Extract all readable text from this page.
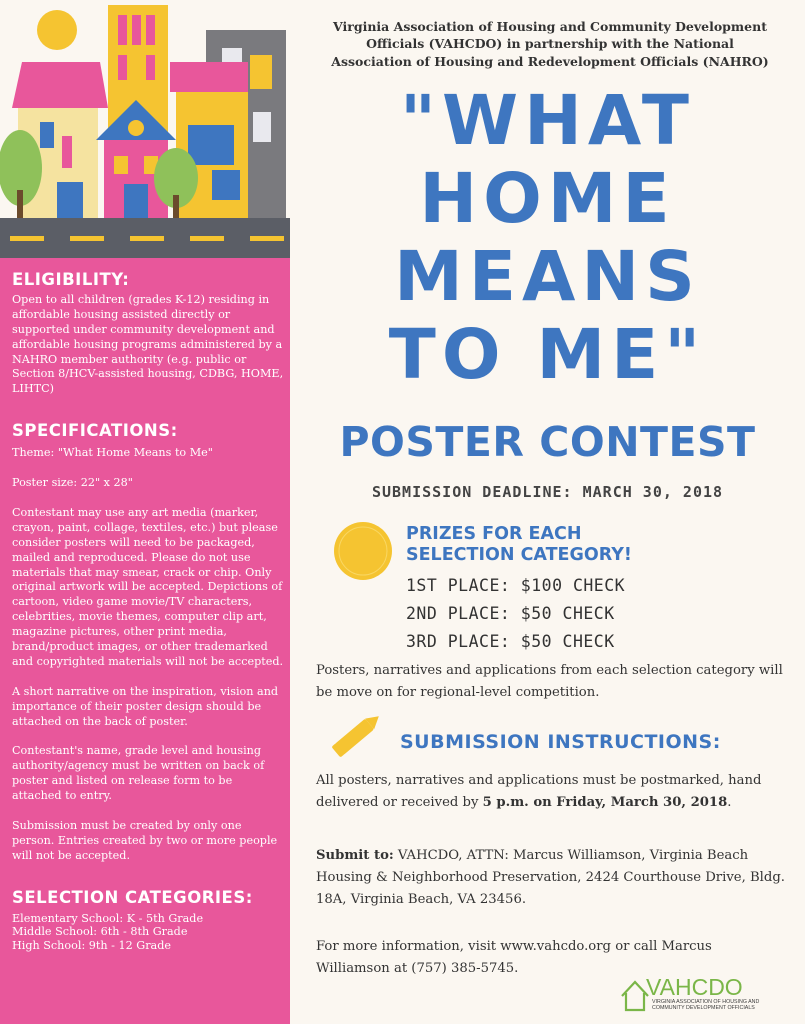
ELIGIBILITY:

Open to all children (grades K-12) residing in affordable housing assisted directly or supported under community development and affordable housing programs administered by a NAHRO member authority (e.g. public or Section 8/HCV-assisted housing, CDBG, HOME, LIHTC)

SPECIFICATIONS:

Theme: "What Home Means to Me"

Poster size: 22" x 28"

Contestant may use any art media (marker, crayon, paint, collage, textiles, etc.) but please consider posters will need to be packaged, mailed and reproduced. Please do not use materials that may smear, crack or chip. Only original artwork will be accepted. Depictions of cartoon, video game movie/TV characters, celebrities, movie themes, computer clip art, magazine pictures, other print media, brand/product images, or other trademarked and copyrighted materials will not be accepted.

A short narrative on the inspiration, vision and importance of their poster design should be attached on the back of poster.

Contestant's name, grade level and housing authority/agency must be written on back of poster and listed on release form to be attached to entry.

Submission must be created by only one person. Entries created by two or more people will not be accepted.

SELECTION CATEGORIES:

Elementary School: K - 5th Grade

Middle School: 6th - 8th Grade

High School: 9th - 12 Grade

Virginia Association of Housing and Community Development
Officials (VAHCDO) in partnership with the National
Association of Housing and Redevelopment Officials (NAHRO)
"WHAT
HOME
MEANS
TO ME"
POSTER CONTEST
SUBMISSION DEADLINE: MARCH 30, 2018
PRIZES FOR EACH
SELECTION CATEGORY!
1ST PLACE: $100 CHECK
2ND PLACE: $50 CHECK
3RD PLACE: $50 CHECK
Posters, narratives and applications from each selection category will be move on for regional-level competition.
SUBMISSION INSTRUCTIONS:
All posters, narratives and applications must be postmarked, hand delivered or received by 5 p.m. on Friday, March 30, 2018.
Submit to: VAHCDO, ATTN: Marcus Williamson, Virginia Beach Housing & Neighborhood Preservation, 2424 Courthouse Drive, Bldg. 18A, Virginia Beach, VA 23456.
For more information, visit www.vahcdo.org or call Marcus Williamson at (757) 385-5745.
VAHCDO
VIRGINIA ASSOCIATION OF HOUSING AND
COMMUNITY DEVELOPMENT OFFICIALS
